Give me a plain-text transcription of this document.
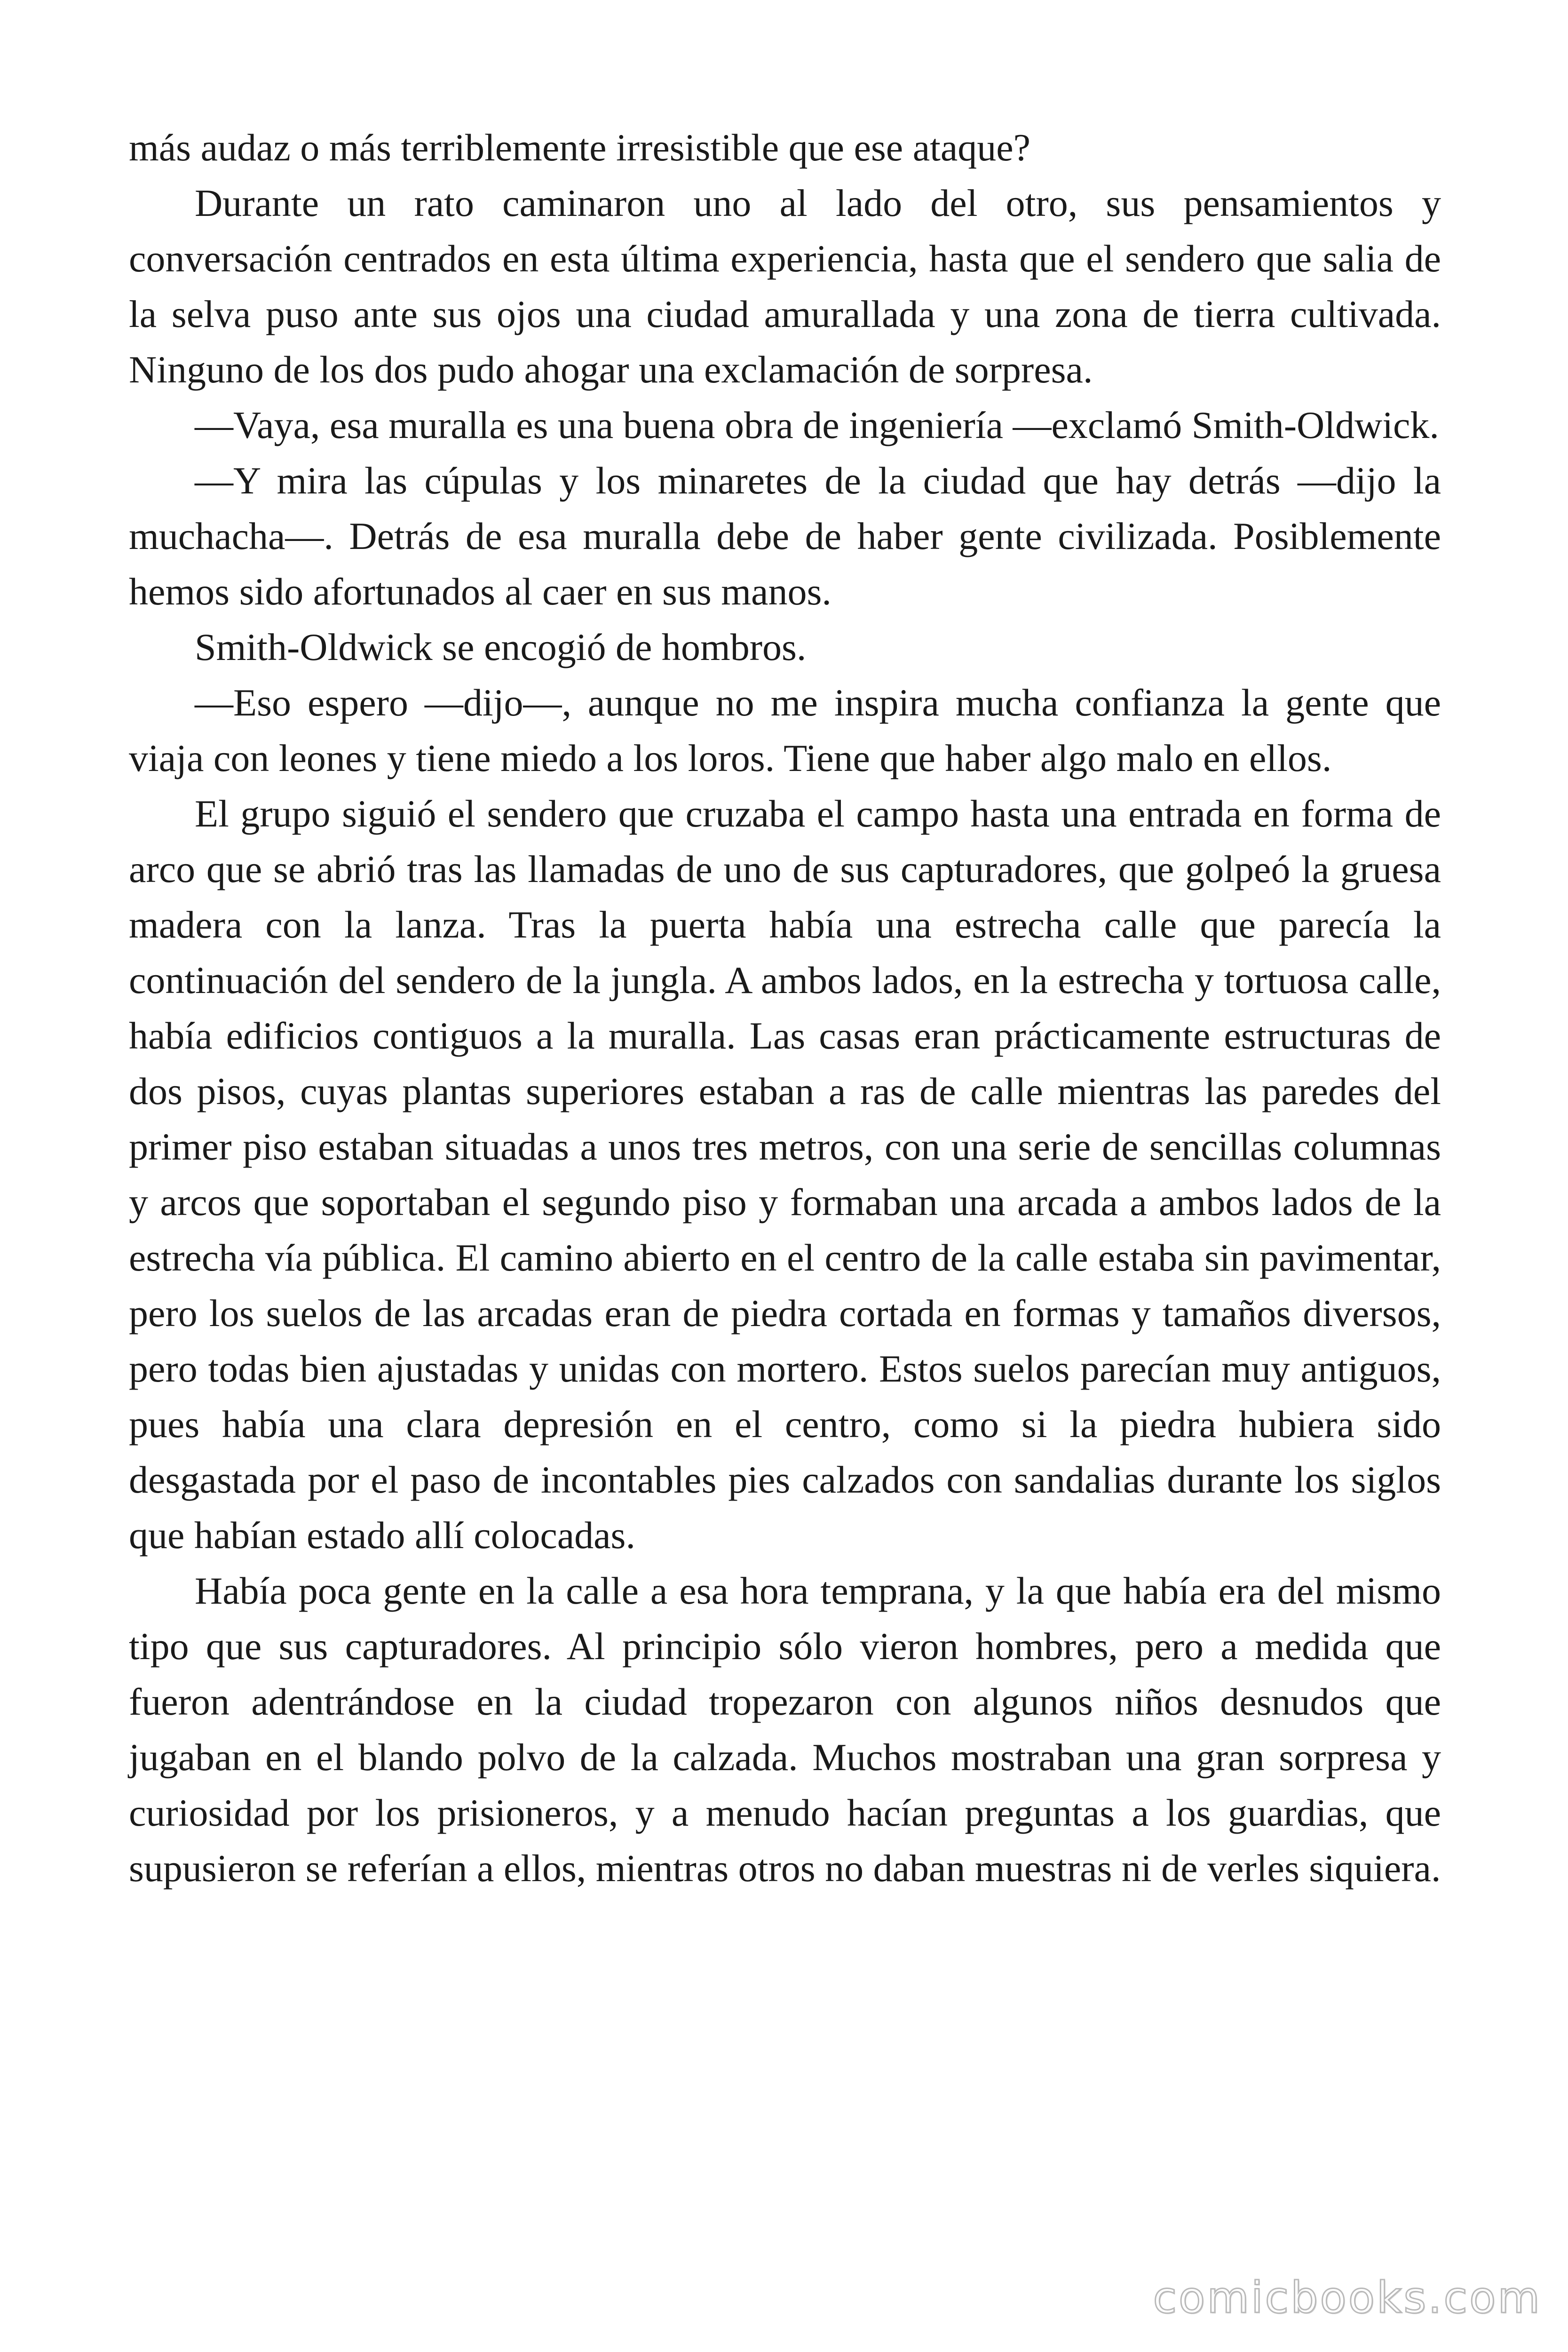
más audaz o más terriblemente irresistible que ese ataque?

Durante un rato caminaron uno al lado del otro, sus pensamientos y conversación centrados en esta última experiencia, hasta que el sendero que salia de la selva puso ante sus ojos una ciudad amurallada y una zona de tierra cultivada. Ninguno de los dos pudo ahogar una exclamación de sorpresa.

—Vaya, esa muralla es una buena obra de ingeniería —exclamó Smith-Oldwick.

—Y mira las cúpulas y los minaretes de la ciudad que hay detrás —dijo la muchacha—. Detrás de esa muralla debe de haber gente civilizada. Posiblemente hemos sido afortunados al caer en sus manos.

Smith-Oldwick se encogió de hombros.

—Eso espero —dijo—, aunque no me inspira mucha confianza la gente que viaja con leones y tiene miedo a los loros. Tiene que haber algo malo en ellos.

El grupo siguió el sendero que cruzaba el campo hasta una entrada en forma de arco que se abrió tras las llamadas de uno de sus capturadores, que golpeó la gruesa madera con la lanza. Tras la puerta había una estrecha calle que parecía la continuación del sendero de la jungla. A ambos lados, en la estrecha y tortuosa calle, había edificios contiguos a la muralla. Las casas eran prácticamente estructuras de dos pisos, cuyas plantas superiores estaban a ras de calle mientras las paredes del primer piso estaban situadas a unos tres metros, con una serie de sencillas columnas y arcos que soportaban el segundo piso y formaban una arcada a ambos lados de la estrecha vía pública. El camino abierto en el centro de la calle estaba sin pavimentar, pero los suelos de las arcadas eran de piedra cortada en formas y tamaños diversos, pero todas bien ajustadas y unidas con mortero. Estos suelos parecían muy antiguos, pues había una clara depresión en el centro, como si la piedra hubiera sido desgastada por el paso de incontables pies calzados con sandalias durante los siglos que habían estado allí colocadas.

Había poca gente en la calle a esa hora temprana, y la que había era del mismo tipo que sus capturadores. Al principio sólo vieron hombres, pero a medida que fueron adentrándose en la ciudad tropezaron con algunos niños desnudos que jugaban en el blando polvo de la calzada. Muchos mostraban una gran sorpresa y curiosidad por los prisioneros, y a menudo hacían preguntas a los guardias, que supusieron se referían a ellos, mientras otros no daban muestras ni de verles siquiera.

comicbooks.com
